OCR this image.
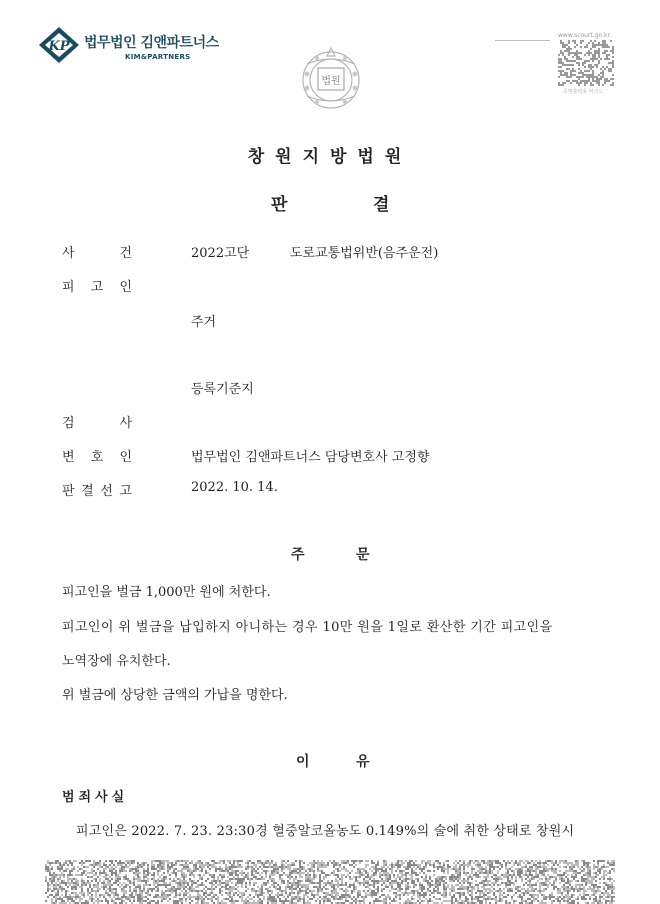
KP 법무법인 김앤파트너스
KIM&PARTNERS
법원
www.scourt.go.kr
증명출력용 바코드
창원지방법원
판	결
사	건	2022고단	도로교통법위반(음주운전)
피 고 인
주거
등록기준지
검	사
변 호 인	법무법인 김앤파트너스 담당변호사 고정향
판 결 선 고	2022. 10. 14.
주	문
피고인을 벌금 1,000만 원에 처한다.
피고인이 위 벌금을 납입하지 아니하는 경우 10만 원을 1일로 환산한 기간 피고인을
노역장에 유치한다.
위 벌금에 상당한 금액의 가납을 명한다.
이	유
범죄사실
피고인은 2022. 7. 23. 23:30경 혈중알코올농도 0.149%의 술에 취한 상태로 창원시
